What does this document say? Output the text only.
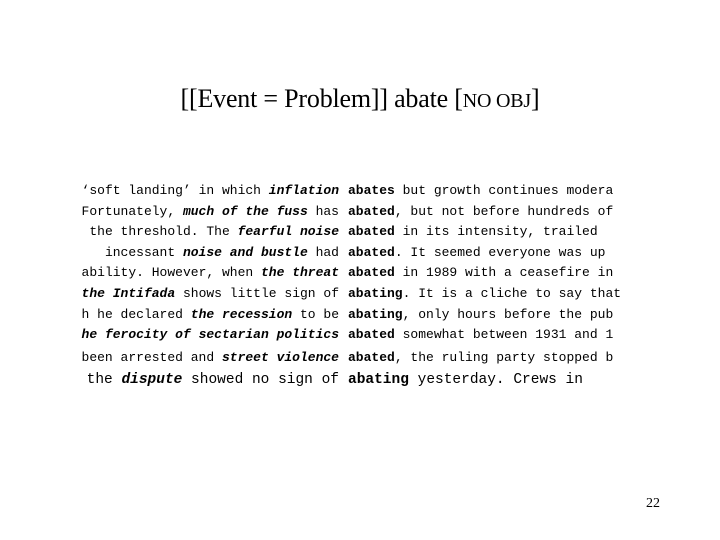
[[Event = Problem]] abate [NO OBJ]
‘soft landing’ in which inflation abates but growth continues modera
Fortunately, much of the fuss has abated, but not before hundreds of
the threshold. The fearful noise abated in its intensity, trailed
incessant noise and bustle had abated. It seemed everyone was up
ability. However, when the threat abated in 1989 with a ceasefire in
the Intifada shows little sign of abating. It is a cliche to say that
h he declared the recession to be abating, only hours before the pub
he ferocity of sectarian politics abated somewhat between 1931 and 1
been arrested and street violence abated, the ruling party stopped b
the dispute showed no sign of abating yesterday. Crews in
22
